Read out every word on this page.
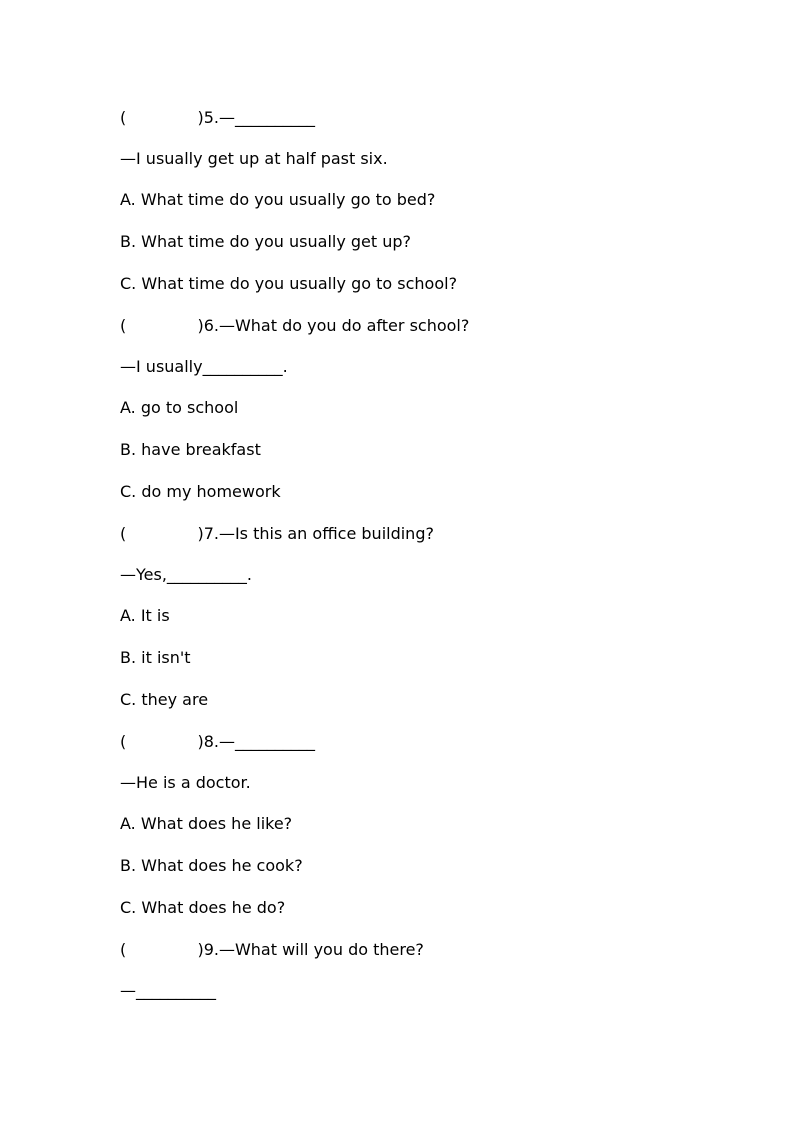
(              )5.—__________
—I usually get up at half past six.
A. What time do you usually go to bed?
B. What time do you usually get up?
C. What time do you usually go to school?
(              )6.—What do you do after school?
—I usually__________.
A. go to school
B. have breakfast
C. do my homework
(              )7.—Is this an office building?
—Yes,__________.
A. It is
B. it isn't
C. they are
(              )8.—__________
—He is a doctor.
A. What does he like?
B. What does he cook?
C. What does he do?
(              )9.—What will you do there?
—__________
